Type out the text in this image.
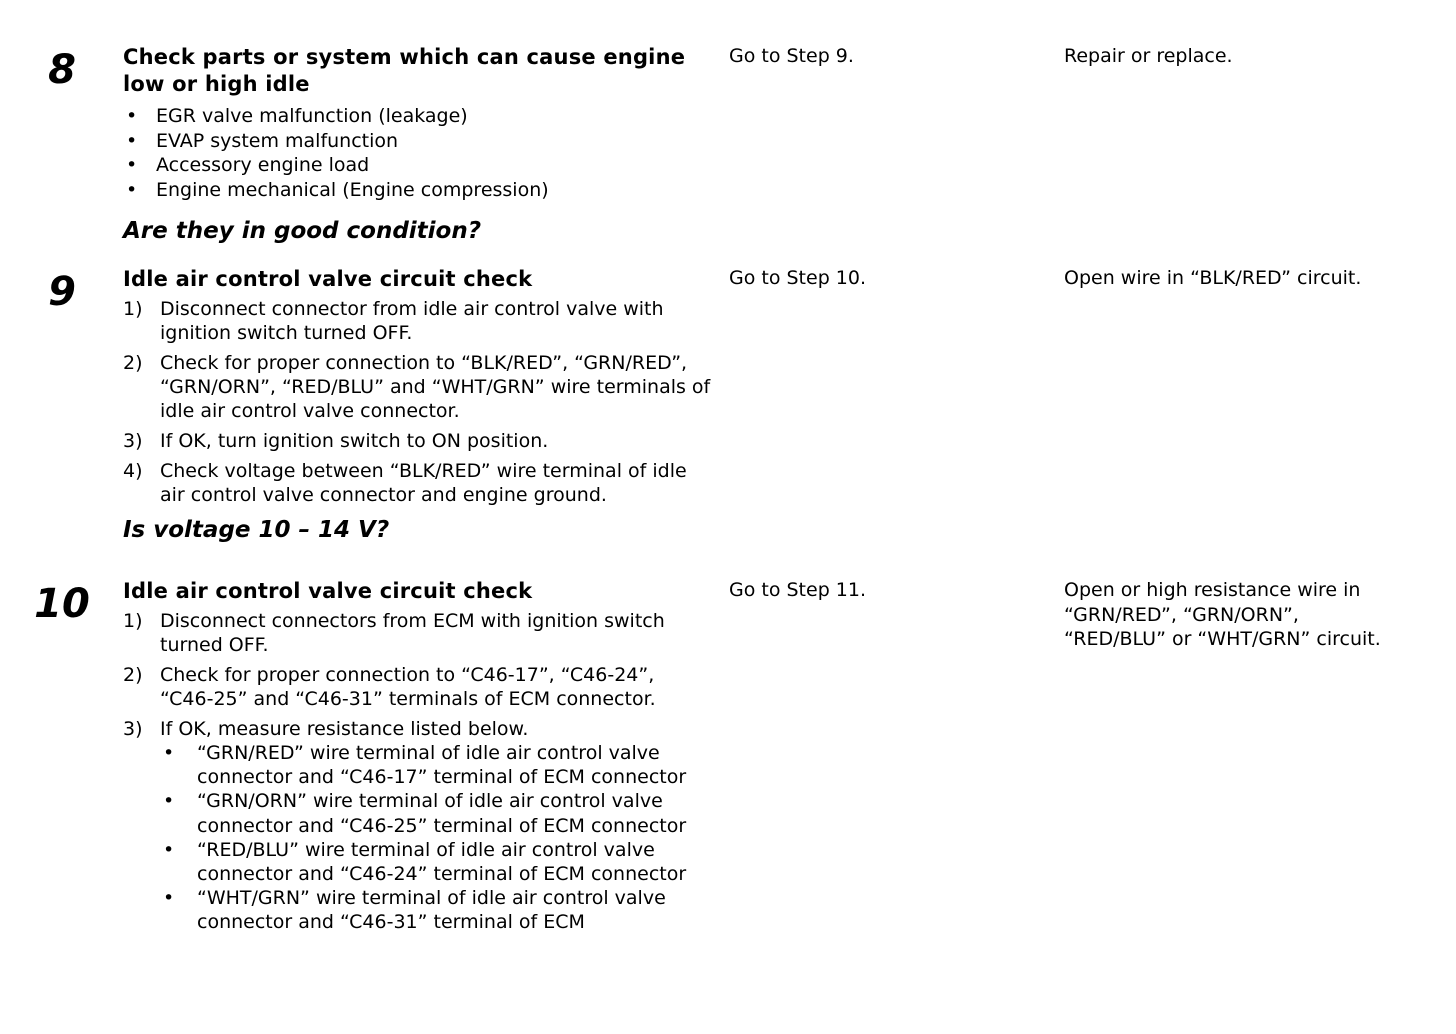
8	Check parts or system which can cause engine low or high idle
• EGR valve malfunction (leakage)
• EVAP system malfunction
• Accessory engine load
• Engine mechanical (Engine compression)
Are they in good condition?
Go to Step 9.	Repair or replace.
9	Idle air control valve circuit check
1) Disconnect connector from idle air control valve with ignition switch turned OFF.
2) Check for proper connection to “BLK/RED”, “GRN/RED”, “GRN/ORN”, “RED/BLU” and “WHT/GRN” wire terminals of idle air control valve connector.
3) If OK, turn ignition switch to ON position.
4) Check voltage between “BLK/RED” wire terminal of idle air control valve connector and engine ground.
Is voltage 10 – 14 V?
Go to Step 10.	Open wire in “BLK/RED” circuit.
10 Idle air control valve circuit check
1) Disconnect connectors from ECM with ignition switch turned OFF.
2) Check for proper connection to “C46-17”, “C46-24”, “C46-25” and “C46-31” terminals of ECM connector.
3) If OK, measure resistance listed below.
• “GRN/RED” wire terminal of idle air control valve connector and “C46-17” terminal of ECM connector
• “GRN/ORN” wire terminal of idle air control valve connector and “C46-25” terminal of ECM connector
• “RED/BLU” wire terminal of idle air control valve connector and “C46-24” terminal of ECM connector
• “WHT/GRN” wire terminal of idle air control valve connector and “C46-31” terminal of ECM
Go to Step 11.	Open or high resistance wire in “GRN/RED”, “GRN/ORN”, “RED/BLU” or “WHT/GRN” circuit.
